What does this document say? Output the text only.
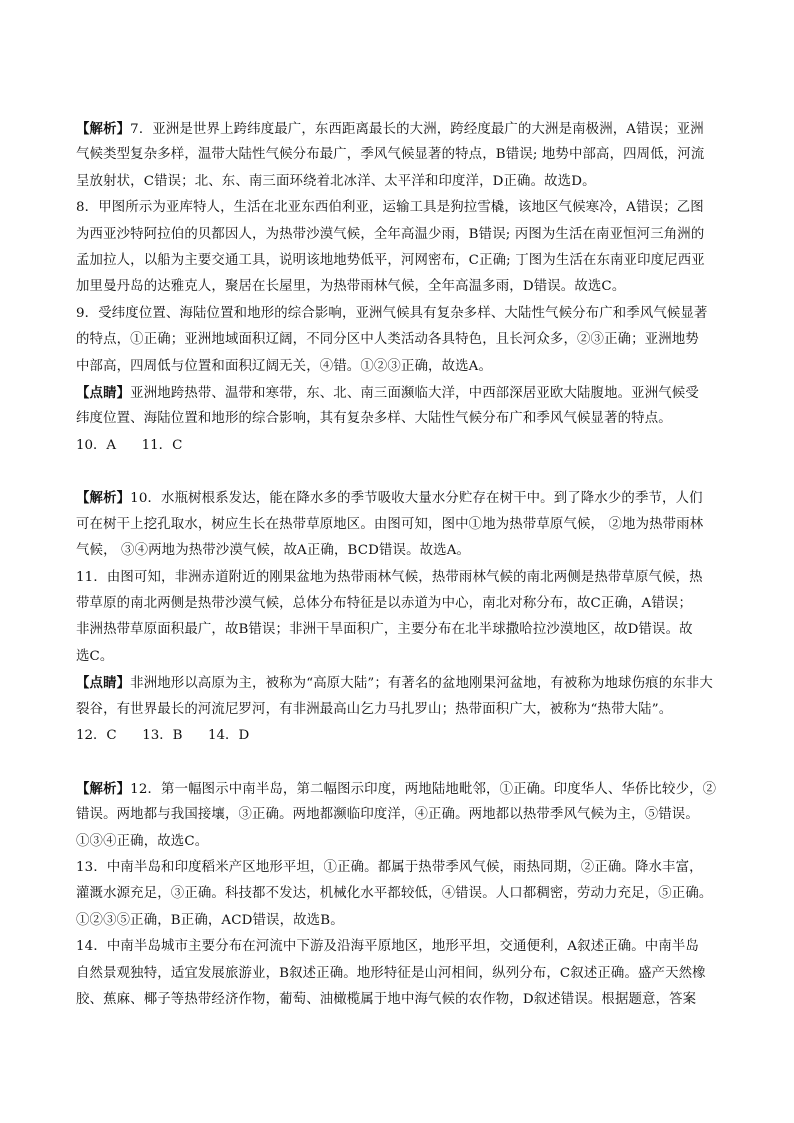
【解析】7．亚洲是世界上跨纬度最广，东西距离最长的大洲，跨经度最广的大洲是南极洲，A错误；亚洲
气候类型复杂多样，温带大陆性气候分布最广，季风气候显著的特点，B错误; 地势中部高，四周低，河流
呈放射状，C错误；北、东、南三面环绕着北冰洋、太平洋和印度洋，D正确。故选D。
8．甲图所示为亚库特人，生活在北亚东西伯利亚，运输工具是狗拉雪橇，该地区气候寒冷，A错误；乙图
为西亚沙特阿拉伯的贝都因人，为热带沙漠气候，全年高温少雨，B错误; 丙图为生活在南亚恒河三角洲的
孟加拉人，以船为主要交通工具，说明该地地势低平，河网密布，C正确; 丁图为生活在东南亚印度尼西亚
加里曼丹岛的达雅克人，聚居在长屋里，为热带雨林气候，全年高温多雨，D错误。故选C。
9．受纬度位置、海陆位置和地形的综合影响，亚洲气候具有复杂多样、大陆性气候分布广和季风气候显著
的特点，①正确；亚洲地域面积辽阔，不同分区中人类活动各具特色，且长河众多，②③正确；亚洲地势
中部高，四周低与位置和面积辽阔无关，④错。①②③正确，故选A。
【点睛】亚洲地跨热带、温带和寒带，东、北、南三面濒临大洋，中西部深居亚欧大陆腹地。亚洲气候受
纬度位置、海陆位置和地形的综合影响，其有复杂多样、大陆性气候分布广和季风气候显著的特点。
10．A      11．C
【解析】10．水瓶树根系发达，能在降水多的季节吸收大量水分贮存在树干中。到了降水少的季节，人们
可在树干上挖孔取水，树应生长在热带草原地区。由图可知，图中①地为热带草原气候， ②地为热带雨林
气候， ③④两地为热带沙漠气候，故A正确，BCD错误。故选A。
11．由图可知，非洲赤道附近的刚果盆地为热带雨林气候，热带雨林气候的南北两侧是热带草原气候，热
带草原的南北两侧是热带沙漠气候，总体分布特征是以赤道为中心，南北对称分布，故C正确，A错误；
非洲热带草原面积最广，故B错误；非洲干旱面积广，主要分布在北半球撒哈拉沙漠地区，故D错误。故
选C。
【点睛】非洲地形以高原为主，被称为“高原大陆”；有著名的盆地刚果河盆地，有被称为地球伤痕的东非大
裂谷，有世界最长的河流尼罗河，有非洲最高山乞力马扎罗山；热带面积广大，被称为“热带大陆”。
12．C      13．B      14．D
【解析】12．第一幅图示中南半岛，第二幅图示印度，两地陆地毗邻，①正确。印度华人、华侨比较少，②
错误。两地都与我国接壤，③正确。两地都濒临印度洋，④正确。两地都以热带季风气候为主，⑤错误。
①③④正确，故选C。
13．中南半岛和印度稻米产区地形平坦，①正确。都属于热带季风气候，雨热同期，②正确。降水丰富，
灌溉水源充足，③正确。科技都不发达，机械化水平都较低，④错误。人口都稠密，劳动力充足，⑤正确。
①②③⑤正确，B正确，ACD错误，故选B。
14．中南半岛城市主要分布在河流中下游及沿海平原地区，地形平坦，交通便利，A叙述正确。中南半岛
自然景观独特，适宜发展旅游业，B叙述正确。地形特征是山河相间，纵列分布，C叙述正确。盛产天然橡
胶、蕉麻、椰子等热带经济作物，葡萄、油橄榄属于地中海气候的农作物，D叙述错误。根据题意，答案
